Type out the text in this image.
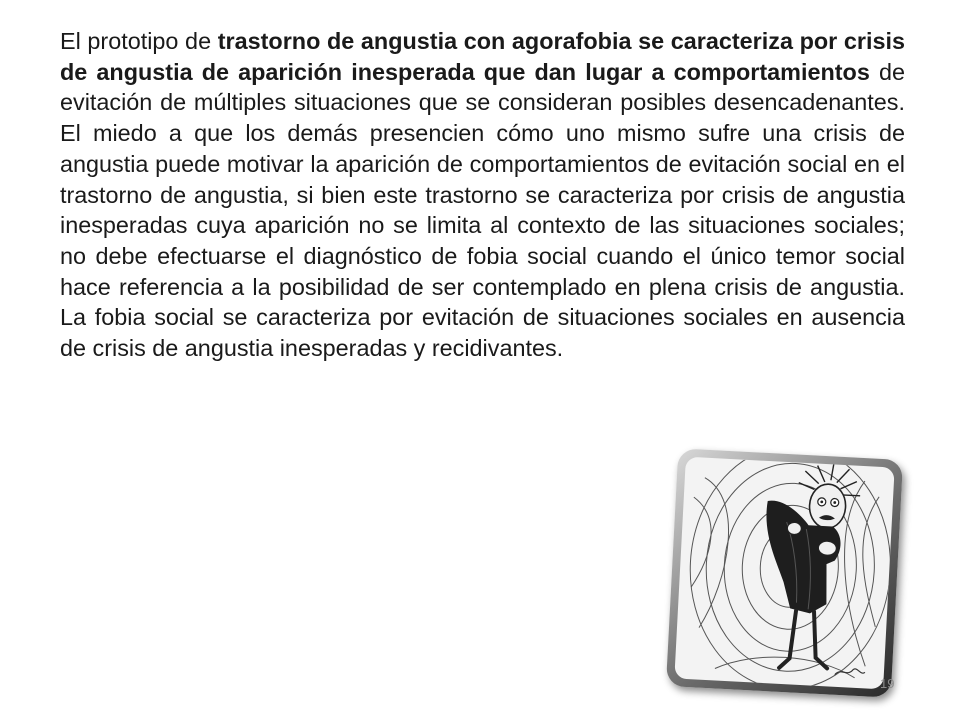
El prototipo de trastorno de angustia con agorafobia se caracteriza por crisis de angustia de aparición inesperada que dan lugar a comportamientos de evitación de múltiples situaciones que se consideran posibles desencadenantes. El miedo a que los demás presencien cómo uno mismo sufre una crisis de angustia puede motivar la aparición de comportamientos de evitación social en el trastorno de angustia, si bien este trastorno se caracteriza por crisis de angustia inesperadas cuya aparición no se limita al contexto de las situaciones sociales; no debe efectuarse el diagnóstico de fobia social cuando el único temor social hace referencia a la posibilidad de ser contemplado en plena crisis de angustia. La fobia social se caracteriza por evitación de situaciones sociales en ausencia de crisis de angustia inesperadas y recidivantes.

19
